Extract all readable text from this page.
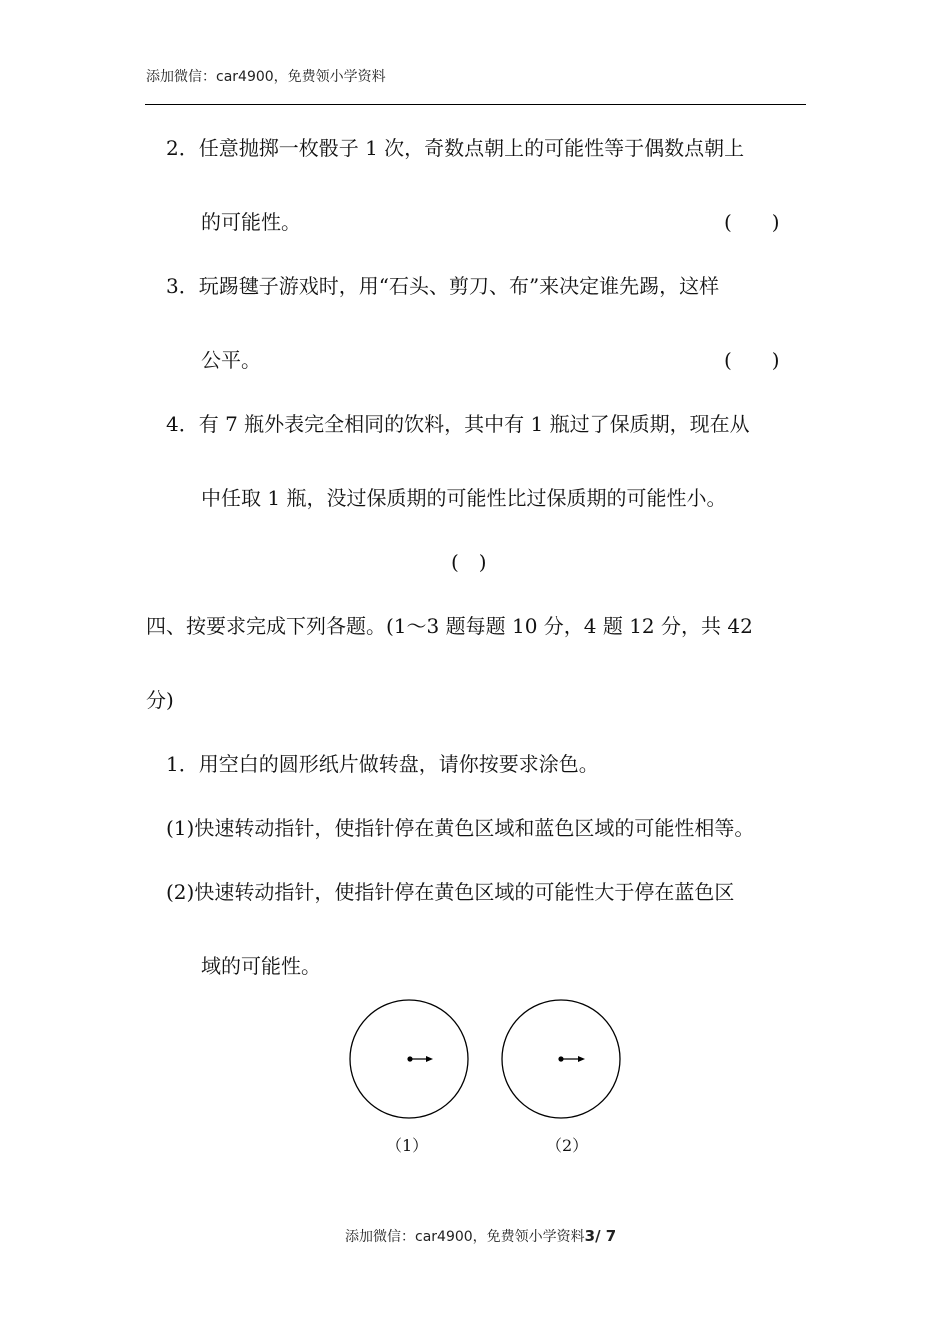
添加微信：car4900，免费领小学资料
2．任意抛掷一枚骰子 1 次，奇数点朝上的可能性等于偶数点朝上
的可能性。	(　　)
3．玩踢毽子游戏时，用“石头、剪刀、布”来决定谁先踢，这样
公平。	(　　)
4．有 7 瓶外表完全相同的饮料，其中有 1 瓶过了保质期，现在从
中任取 1 瓶，没过保质期的可能性比过保质期的可能性小。
(　)
四、按要求完成下列各题。(1～3 题每题 10 分，4 题 12 分，共 42
分)
1．用空白的圆形纸片做转盘，请你按要求涂色。
(1)快速转动指针，使指针停在黄色区域和蓝色区域的可能性相等。
(2)快速转动指针，使指针停在黄色区域的可能性大于停在蓝色区
域的可能性。
（1）	（2）
添加微信：car4900，免费领小学资料3/ 7
